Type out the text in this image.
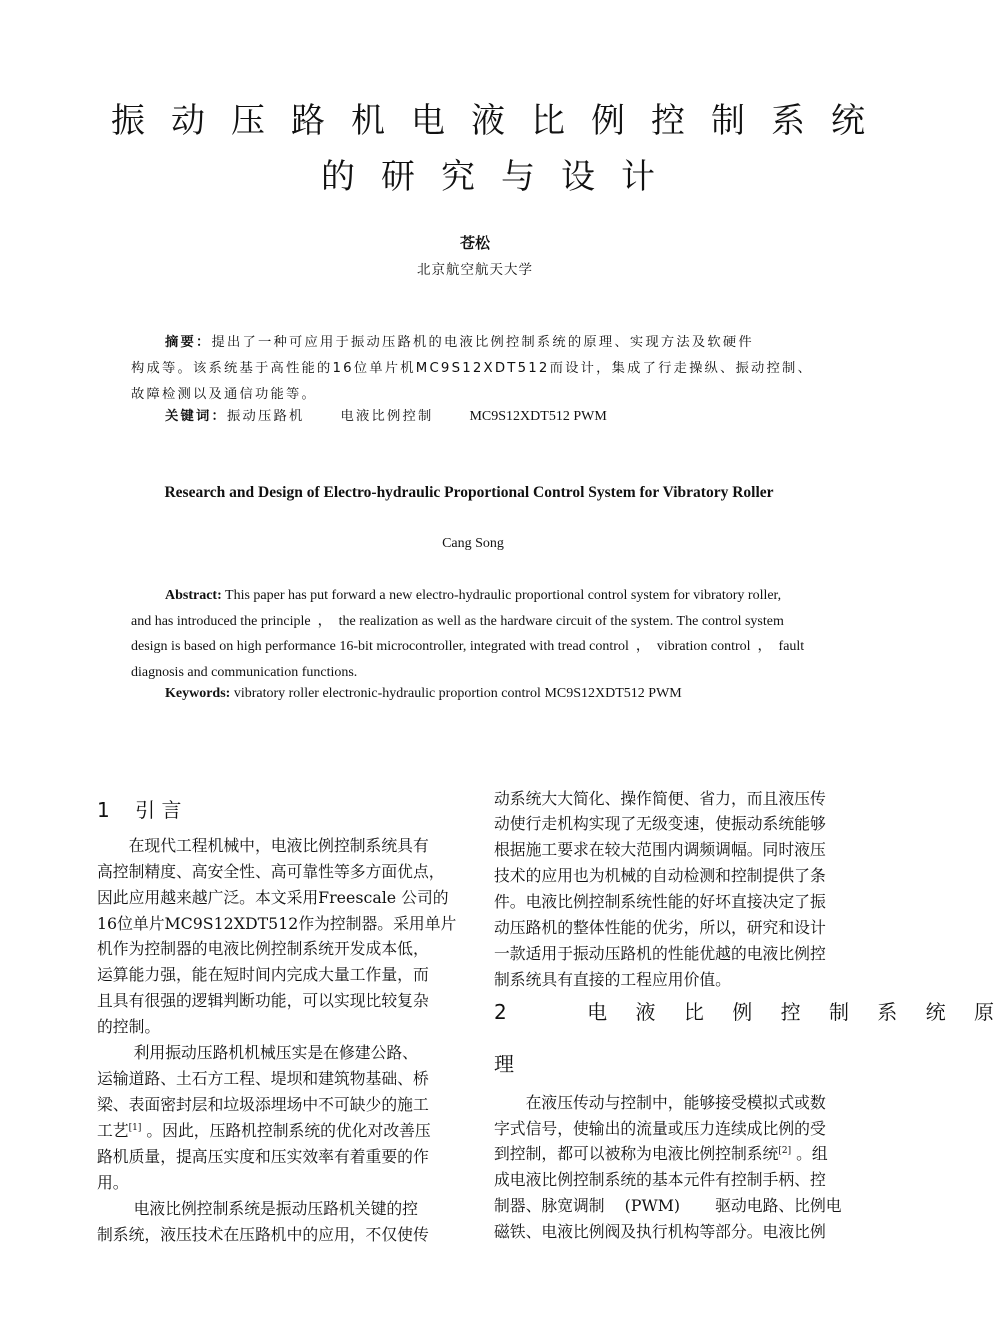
振动压路机电液比例控制系统
的研究与设计
苍松
北京航空航天大学
摘要：提出了一种可应用于振动压路机的电液比例控制系统的原理、实现方法及软硬件
构成等。该系统基于高性能的16位单片机MC9S12XDT512而设计，集成了行走操纵、振动控制、
故障检测以及通信功能等。
关键词：振动压路机	电液比例控制	MC9S12XDT512 PWM
Research and Design of Electro-hydraulic Proportional Control System for Vibratory Roller
Cang Song
Abstract: This paper has put forward a new electro-hydraulic proportional control system for vibratory roller,
and has introduced the principle  ，  the realization as well as the hardware circuit of the system. The control system
design is based on high performance 16-bit microcontroller, integrated with tread control  ，  vibration control  ，  fault
diagnosis and communication functions.
Keywords: vibratory roller electronic-hydraulic proportion control MC9S12XDT512 PWM
1    引 言
　　在现代工程机械中，电液比例控制系统具有
高控制精度、高安全性、高可靠性等多方面优点，
因此应用越来越广泛。本文采用Freescale 公司的
16位单片MC9S12XDT512作为控制器。采用单片
机作为控制器的电液比例控制系统开发成本低，
运算能力强，能在短时间内完成大量工作量，而
且具有很强的逻辑判断功能，可以实现比较复杂
的控制。
　　 利用振动压路机机械压实是在修建公路、
运输道路、土石方工程、堤坝和建筑物基础、桥
梁、表面密封层和垃圾添埋场中不可缺少的施工
工艺[1] 。因此，压路机控制系统的优化对改善压
路机质量，提高压实度和压实效率有着重要的作
用。
　　 电液比例控制系统是振动压路机关键的控
制系统，液压技术在压路机中的应用，不仅使传
动系统大大简化、操作简便、省力，而且液压传
动使行走机构实现了无级变速，使振动系统能够
根据施工要求在较大范围内调频调幅。同时液压
技术的应用也为机械的自动检测和控制提供了条
件。电液比例控制系统性能的好坏直接决定了振
动压路机的整体性能的优劣，所以，研究和设计
一款适用于振动压路机的性能优越的电液比例控
制系统具有直接的工程应用价值。
2    电 液 比 例 控 制 系 统 原
理
　　在液压传动与控制中，能够接受模拟式或数
字式信号，使输出的流量或压力连续成比例的受
到控制，都可以被称为电液比例控制系统[2] 。组
成电液比例控制系统的基本元件有控制手柄、控
制器、脉宽调制    (PWM)       驱动电路、比例电
磁铁、电液比例阀及执行机构等部分。电液比例
